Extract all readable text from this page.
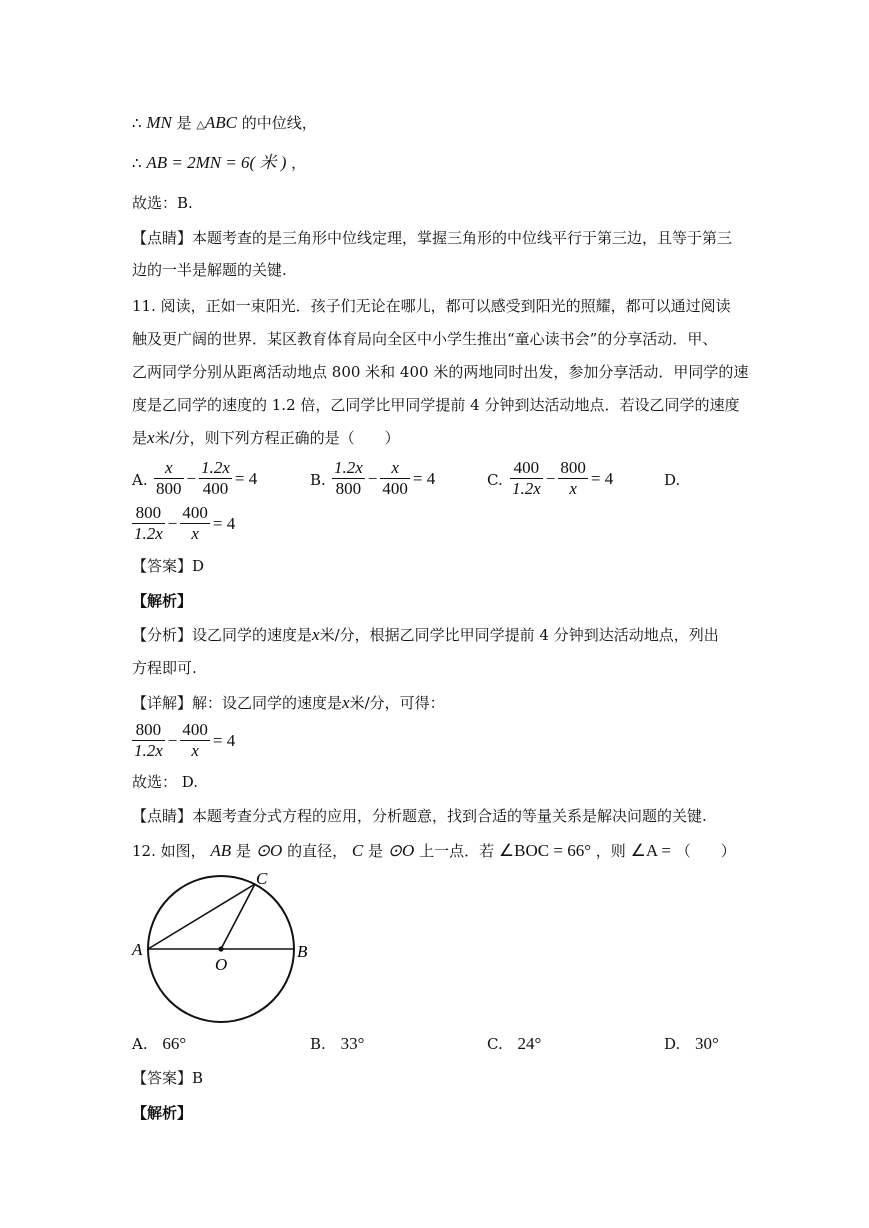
∴ MN 是 △ABC 的中位线，
∴ AB = 2MN = 6( 米 ) ，
故选：B.
【点睛】本题考查的是三角形中位线定理，掌握三角形的中位线平行于第三边，且等于第三
边的一半是解题的关键.
11. 阅读，正如一束阳光．孩子们无论在哪儿，都可以感受到阳光的照耀，都可以通过阅读
触及更广阔的世界．某区教育体育局向全区中小学生推出“童心读书会”的分享活动．甲、
乙两同学分别从距离活动地点 800 米和 400 米的两地同时出发，参加分享活动．甲同学的速
度是乙同学的速度的 1.2 倍，乙同学比甲同学提前 4 分钟到达活动地点．若设乙同学的速度
是x米/分，则下列方程正确的是（　　）
A. $\frac{x}{800} - \frac{1.2x}{400} = 4$	B. $\frac{1.2x}{800} - \frac{x}{400} = 4$	C. $\frac{400}{1.2x} - \frac{800}{x} = 4$	D.
$\frac{800}{1.2x} - \frac{400}{x} = 4$
【答案】D
【解析】
【分析】设乙同学的速度是x米/分，根据乙同学比甲同学提前 4 分钟到达活动地点，列出
方程即可.
【详解】解：设乙同学的速度是x米/分，可得：
$\frac{800}{1.2x} - \frac{400}{x} = 4$
故选： D.
【点睛】本题考查分式方程的应用，分析题意，找到合适的等量关系是解决问题的关键.
12. 如图， AB 是 ⊙O 的直径， C 是 ⊙O 上一点．若 ∠BOC = 66° ，则 ∠A = （　　）
A	B
C
O
A. 66°	B. 33°	C. 24°	D. 30°
【答案】B
【解析】
